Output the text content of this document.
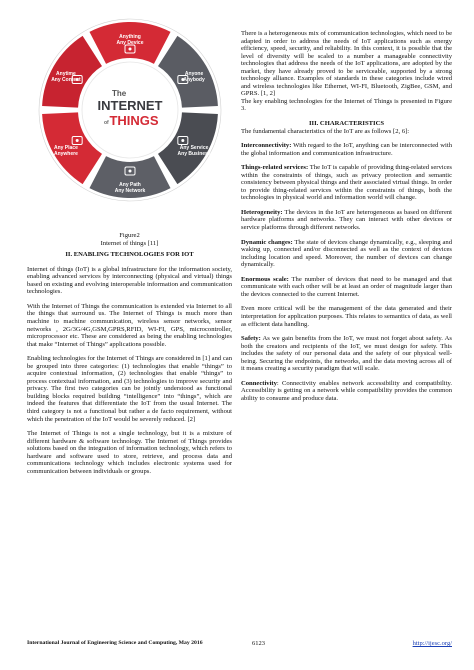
Anything Any Device
Anyone Anybody
Any Service Any Business
Any Path Any Network
Any Place Anywhere
Anytime Any Context
The
INTERNET
of THINGS
Figure2
Internet of things [11]

II. ENABLING TECHNOLOGIES FOR IOT

Internet of things (IoT) is a global infrastructure for the information society, enabling advanced services by interconnecting (physical and virtual) things based on existing and evolving interoperable information and communication technologies.

With the Internet of Things the communication is extended via Internet to all the things that surround us. The Internet of Things is much more than machine to machine communication, wireless sensor networks, sensor networks , 2G/3G/4G,GSM,GPRS,RFID, WI-FI, GPS, microcontroller, microprocessor etc. These are considered as being the enabling technologies that make “Internet of Things” applications possible.

Enabling technologies for the Internet of Things are considered in [1] and can be grouped into three categories: (1) technologies that enable “things” to acquire contextual information, (2) technologies that enable “things” to process contextual information, and (3) technologies to improve security and privacy. The first two categories can be jointly understood as functional building blocks required building “intelligence” into “things”, which are indeed the features that differentiate the IoT from the usual Internet. The third category is not a functional but rather a de facto requirement, without which the penetration of the IoT would be severely reduced. [2]

The Internet of Things is not a single technology, but it is a mixture of different hardware & software technology. The Internet of Things provides solutions based on the integration of information technology, which refers to hardware and software used to store, retrieve, and process data and communications technology which includes electronic systems used for communication between individuals or groups.

There is a heterogeneous mix of communication technologies, which need to be adapted in order to address the needs of IoT applications such as energy efficiency, speed, security, and reliability. In this context, it is possible that the level of diversity will be scaled to a number a manageable connectivity technologies that address the needs of the IoT applications, are adopted by the market, they have already proved to be serviceable, supported by a strong technology alliance. Examples of standards in these categories include wired and wireless technologies like Ethernet, WI-FI, Bluetooth, ZigBee, GSM, and GPRS. [1, 2]
The key enabling technologies for the Internet of Things is presented in Figure 3.

III. CHARACTERISTICS

The fundamental characteristics of the IoT are as follows [2, 6]:

Interconnectivity: With regard to the IoT, anything can be interconnected with the global information and communication infrastructure.

Things-related services: The IoT is capable of providing thing-related services within the constraints of things, such as privacy protection and semantic consistency between physical things and their associated virtual things. In order to provide thing-related services within the constraints of things, both the technologies in physical world and information world will change.

Heterogeneity: The devices in the IoT are heterogeneous as based on different hardware platforms and networks. They can interact with other devices or service platforms through different networks.

Dynamic changes: The state of devices change dynamically, e.g., sleeping and waking up, connected and/or disconnected as well as the context of devices including location and speed. Moreover, the number of devices can change dynamically.

Enormous scale: The number of devices that need to be managed and that communicate with each other will be at least an order of magnitude larger than the devices connected to the current Internet.

Even more critical will be the management of the data generated and their interpretation for application purposes. This relates to semantics of data, as well as efficient data handling.

Safety: As we gain benefits from the IoT, we must not forget about safety. As both the creators and recipients of the IoT, we must design for safety. This includes the safety of our personal data and the safety of our physical well-being. Securing the endpoints, the networks, and the data moving across all of it means creating a security paradigm that will scale.

Connectivity: Connectivity enables network accessibility and compatibility. Accessibility is getting on a network while compatibility provides the common ability to consume and produce data.

International Journal of Engineering Science and Computing, May 2016	6123	http://ijesc.org/
